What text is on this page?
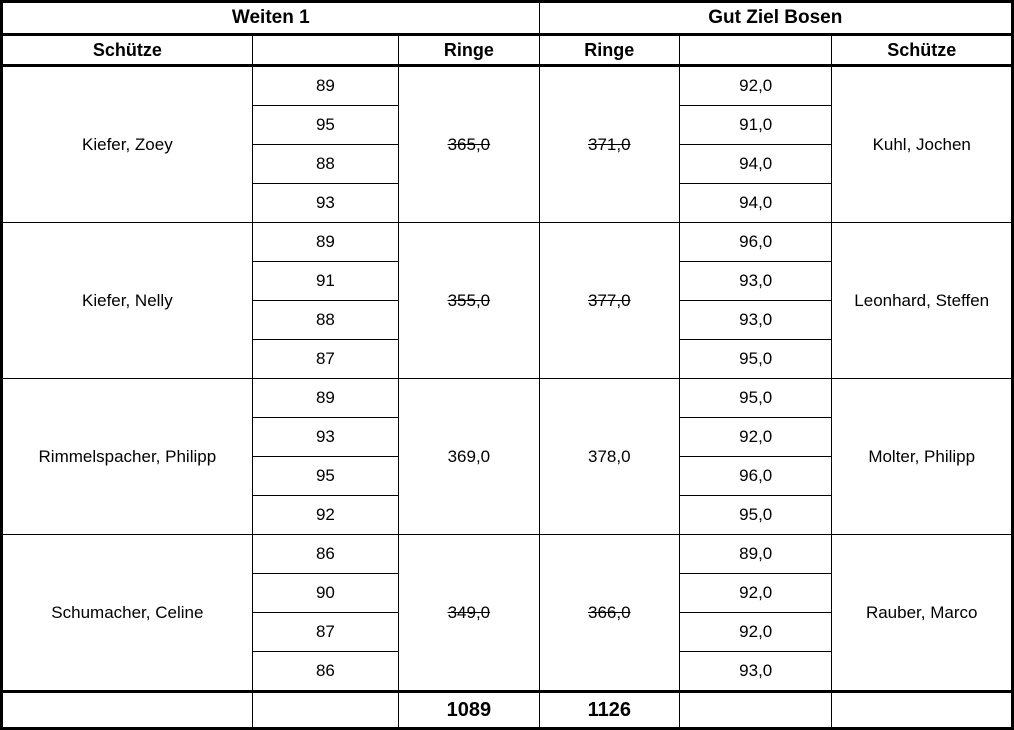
Weiten 1			Gut Ziel Bosen		
Schütze		Ringe	Ringe		Schütze
Kiefer, Zoey	89	365,0	371,0	92,0	Kuhl, Jochen
	95			91,0	
	88			94,0	
	93			94,0	
Kiefer, Nelly	89	355,0	377,0	96,0	Leonhard, Steffen
	91			93,0	
	88			93,0	
	87			95,0	
Rimmelspacher, Philipp	89	369,0	378,0	95,0	Molter, Philipp
	93			92,0	
	95			96,0	
	92			95,0	
Schumacher, Celine	86	349,0	366,0	89,0	Rauber, Marco
	90			92,0	
	87			92,0	
	86			93,0	
		1089	1126		
